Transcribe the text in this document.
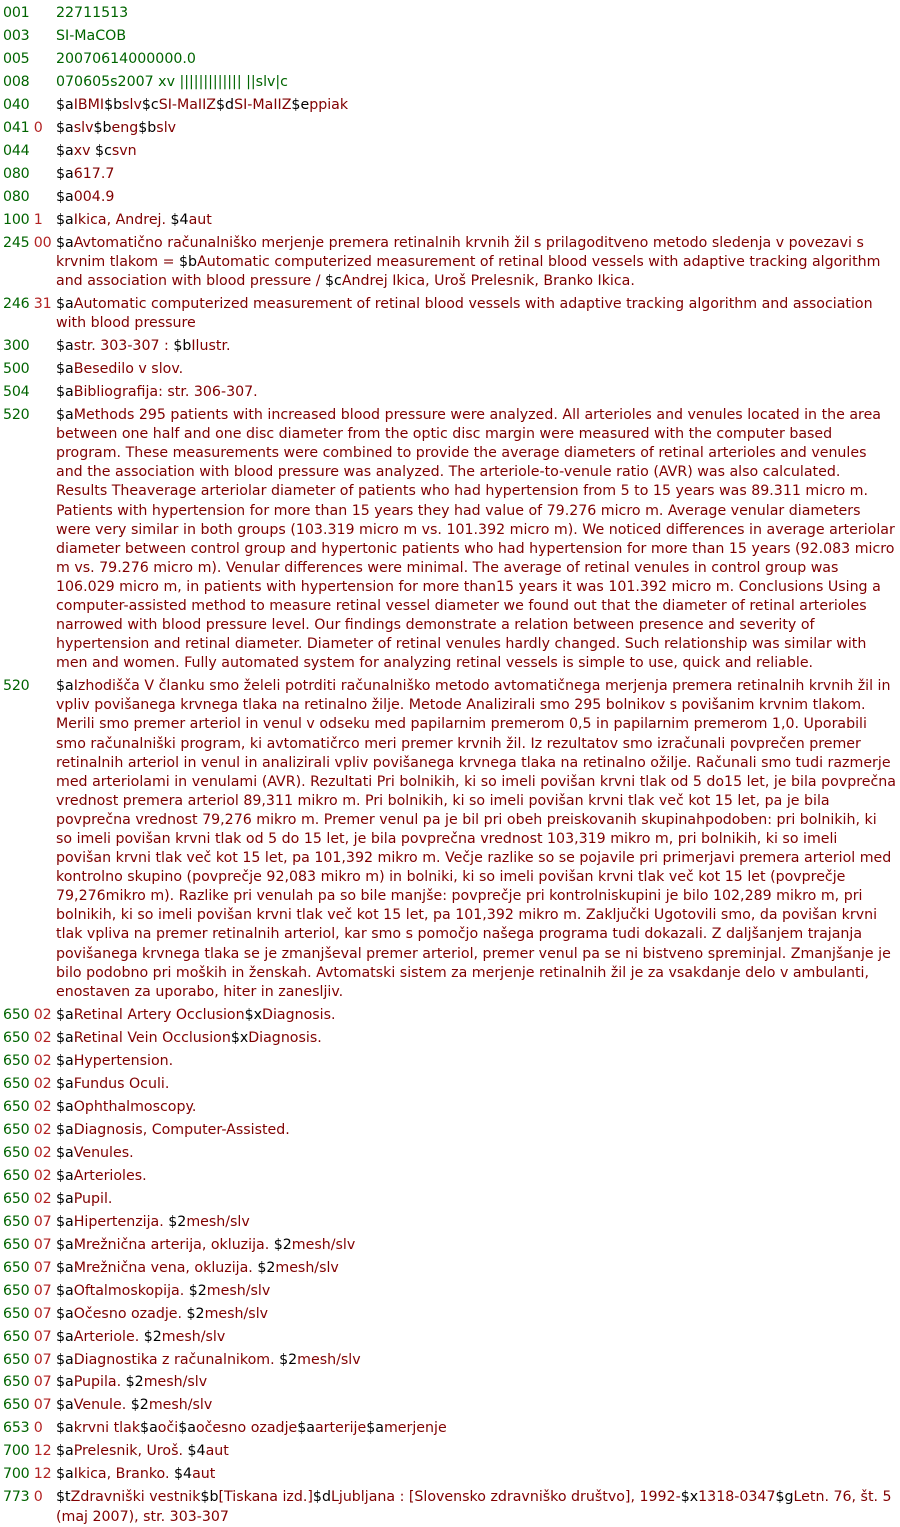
001	22711513
003	SI-MaCOB
005	20070614000000.0
008	070605s2007 xv ||||||||||||| ||slv|c
040	$aIBMI$bslv$cSI-MaIIZ$dSI-MaIIZ$eppiak
041 0 $aslv$beng$bslv
044	$axv $csvn
080	$a617.7
080	$a004.9
100 1 $aIkica, Andrej. $4aut
245 00 $aAvtomatično računalniško merjenje premera retinalnih krvnih žil s prilagoditveno metodo sledenja v povezavi s krvnim tlakom = $bAutomatic computerized measurement of retinal blood vessels with adaptive tracking algorithm and association with blood pressure / $cAndrej Ikica, Uroš Prelesnik, Branko Ikica.
246 31 $aAutomatic computerized measurement of retinal blood vessels with adaptive tracking algorithm and association with blood pressure
300	$astr. 303-307 : $bIlustr.
500	$aBesedilo v slov.
504	$aBibliografija: str. 306-307.
520	$aMethods 295 patients with increased blood pressure were analyzed. All arterioles and venules located in the area between one half and one disc diameter from the optic disc margin were measured with the computer based program. These measurements were combined to provide the average diameters of retinal arterioles and venules and the association with blood pressure was analyzed. The arteriole-to-venule ratio (AVR) was also calculated. Results Theaverage arteriolar diameter of patients who had hypertension from 5 to 15 years was 89.311 micro m. Patients with hypertension for more than 15 years they had value of 79.276 micro m. Average venular diameters were very similar in both groups (103.319 micro m vs. 101.392 micro m). We noticed differences in average arteriolar diameter between control group and hypertonic patients who had hypertension for more than 15 years (92.083 micro m vs. 79.276 micro m). Venular differences were minimal. The average of retinal venules in control group was 106.029 micro m, in patients with hypertension for more than15 years it was 101.392 micro m. Conclusions Using a computer-assisted method to measure retinal vessel diameter we found out that the diameter of retinal arterioles narrowed with blood pressure level. Our findings demonstrate a relation between presence and severity of hypertension and retinal diameter. Diameter of retinal venules hardly changed. Such relationship was similar with men and women. Fully automated system for analyzing retinal vessels is simple to use, quick and reliable.
520	$aIzhodišča V članku smo želeli potrditi računalniško metodo avtomatičnega merjenja premera retinalnih krvnih žil in vpliv povišanega krvnega tlaka na retinalno žilje. Metode Analizirali smo 295 bolnikov s povišanim krvnim tlakom. Merili smo premer arteriol in venul v odseku med papilarnim premerom 0,5 in papilarnim premerom 1,0. Uporabili smo računalniški program, ki avtomatičrco meri premer krvnih žil. Iz rezultatov smo izračunali povprečen premer retinalnih arteriol in venul in analizirali vpliv povišanega krvnega tlaka na retinalno ožilje. Računali smo tudi razmerje med arteriolami in venulami (AVR). Rezultati Pri bolnikih, ki so imeli povišan krvni tlak od 5 do15 let, je bila povprečna vrednost premera arteriol 89,311 mikro m. Pri bolnikih, ki so imeli povišan krvni tlak več kot 15 let, pa je bila povprečna vrednost 79,276 mikro m. Premer venul pa je bil pri obeh preiskovanih skupinahpodoben: pri bolnikih, ki so imeli povišan krvni tlak od 5 do 15 let, je bila povprečna vrednost 103,319 mikro m, pri bolnikih, ki so imeli povišan krvni tlak več kot 15 let, pa 101,392 mikro m. Večje razlike so se pojavile pri primerjavi premera arteriol med kontrolno skupino (povprečje 92,083 mikro m) in bolniki, ki so imeli povišan krvni tlak več kot 15 let (povprečje 79,276mikro m). Razlike pri venulah pa so bile manjše: povprečje pri kontrolniskupini je bilo 102,289 mikro m, pri bolnikih, ki so imeli povišan krvni tlak več kot 15 let, pa 101,392 mikro m. Zaključki Ugotovili smo, da povišan krvni tlak vpliva na premer retinalnih arteriol, kar smo s pomočjo našega programa tudi dokazali. Z daljšanjem trajanja povišanega krvnega tlaka se je zmanjševal premer arteriol, premer venul pa se ni bistveno spreminjal. Zmanjšanje je bilo podobno pri moških in ženskah. Avtomatski sistem za merjenje retinalnih žil je za vsakdanje delo v ambulanti, enostaven za uporabo, hiter in zanesljiv.
650 02 $aRetinal Artery Occlusion$xDiagnosis.
650 02 $aRetinal Vein Occlusion$xDiagnosis.
650 02 $aHypertension.
650 02 $aFundus Oculi.
650 02 $aOphthalmoscopy.
650 02 $aDiagnosis, Computer-Assisted.
650 02 $aVenules.
650 02 $aArterioles.
650 02 $aPupil.
650 07 $aHipertenzija. $2mesh/slv
650 07 $aMrežnična arterija, okluzija. $2mesh/slv
650 07 $aMrežnična vena, okluzija. $2mesh/slv
650 07 $aOftalmoskopija. $2mesh/slv
650 07 $aOčesno ozadje. $2mesh/slv
650 07 $aArteriole. $2mesh/slv
650 07 $aDiagnostika z računalnikom. $2mesh/slv
650 07 $aPupila. $2mesh/slv
650 07 $aVenule. $2mesh/slv
653 0 $akrvni tlak$aoči$aočesno ozadje$aarterije$amerjenje
700 12 $aPrelesnik, Uroš. $4aut
700 12 $aIkica, Branko. $4aut
773 0 $tZdravniški vestnik$b[Tiskana izd.]$dLjubljana : [Slovensko zdravniško društvo], 1992-$x1318-0347$gLetn. 76, št. 5 (maj 2007), str. 303-307
